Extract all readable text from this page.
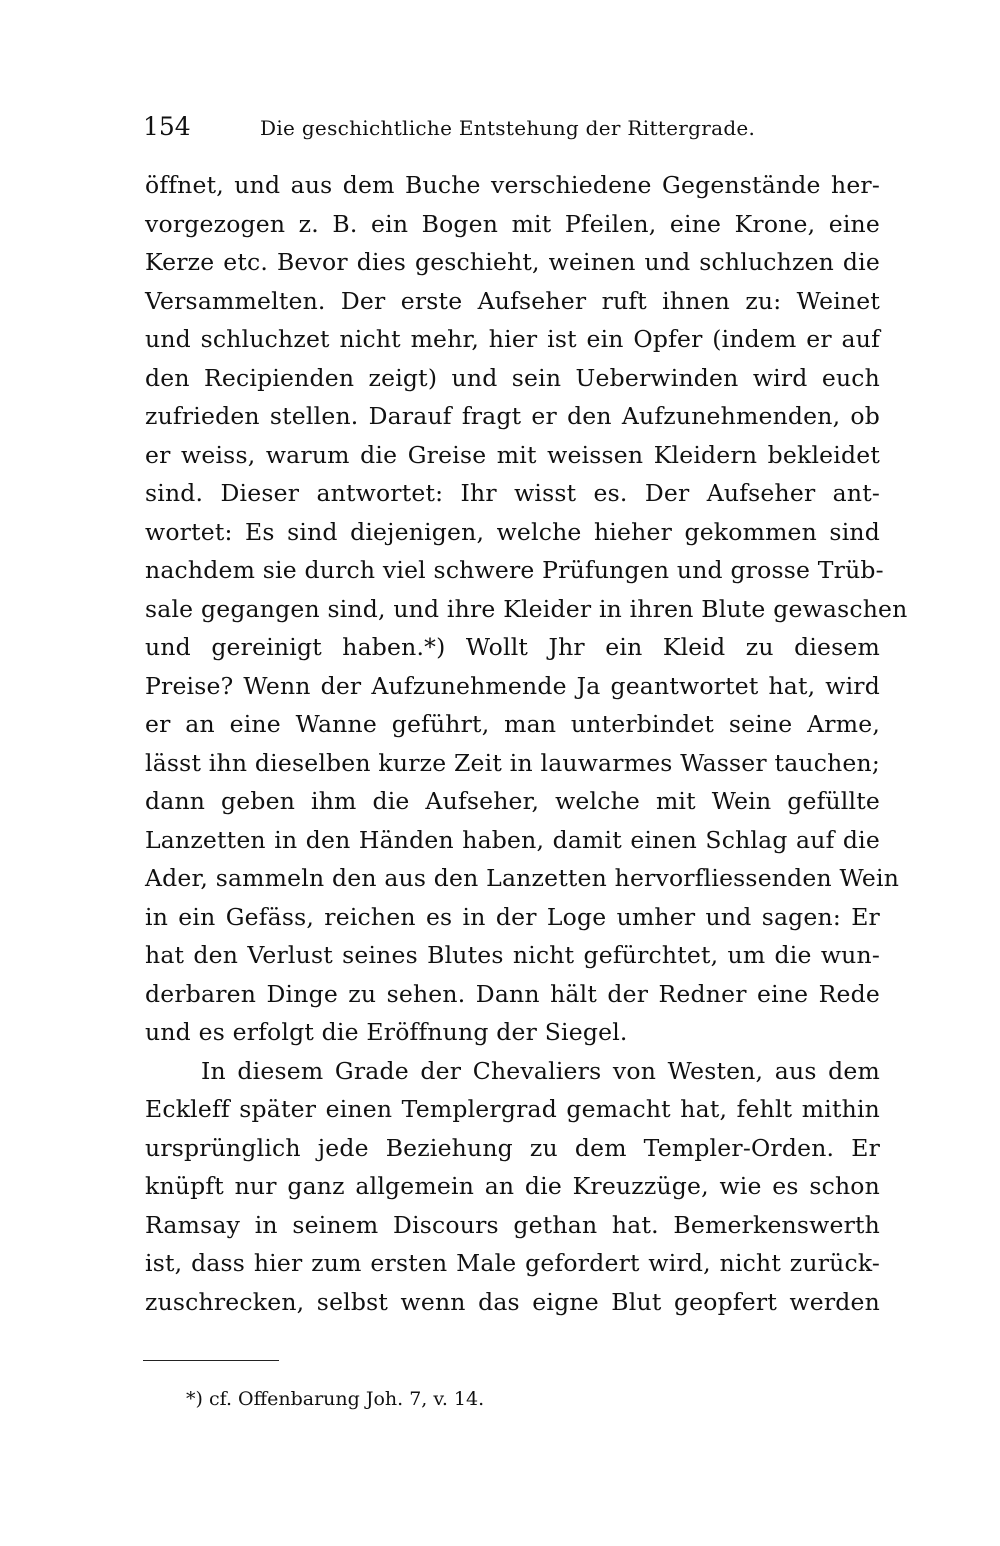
154	Die geschichtliche Entstehung der Rittergrade.
öffnet, und aus dem Buche verschiedene Gegenstände her-
vorgezogen z. B. ein Bogen mit Pfeilen, eine Krone, eine
Kerze etc. Bevor dies geschieht, weinen und schluchzen die
Versammelten. Der erste Aufseher ruft ihnen zu: Weinet
und schluchzet nicht mehr, hier ist ein Opfer (indem er auf
den Recipienden zeigt) und sein Ueberwinden wird euch
zufrieden stellen. Darauf fragt er den Aufzunehmenden, ob
er weiss, warum die Greise mit weissen Kleidern bekleidet
sind. Dieser antwortet: Ihr wisst es. Der Aufseher ant-
wortet: Es sind diejenigen, welche hieher gekommen sind
nachdem sie durch viel schwere Prüfungen und grosse Trüb-
sale gegangen sind, und ihre Kleider in ihren Blute gewaschen
und gereinigt haben.*) Wollt Jhr ein Kleid zu diesem
Preise? Wenn der Aufzunehmende Ja geantwortet hat, wird
er an eine Wanne geführt, man unterbindet seine Arme,
lässt ihn dieselben kurze Zeit in lauwarmes Wasser tauchen;
dann geben ihm die Aufseher, welche mit Wein gefüllte
Lanzetten in den Händen haben, damit einen Schlag auf die
Ader, sammeln den aus den Lanzetten hervorfliessenden Wein
in ein Gefäss, reichen es in der Loge umher und sagen: Er
hat den Verlust seines Blutes nicht gefürchtet, um die wun-
derbaren Dinge zu sehen. Dann hält der Redner eine Rede
und es erfolgt die Eröffnung der Siegel.
In diesem Grade der Chevaliers von Westen, aus dem
Eckleff später einen Templergrad gemacht hat, fehlt mithin
ursprünglich jede Beziehung zu dem Templer-Orden. Er
knüpft nur ganz allgemein an die Kreuzzüge, wie es schon
Ramsay in seinem Discours gethan hat. Bemerkenswerth
ist, dass hier zum ersten Male gefordert wird, nicht zurück-
zuschrecken, selbst wenn das eigne Blut geopfert werden
*) cf. Offenbarung Joh. 7, v. 14.
